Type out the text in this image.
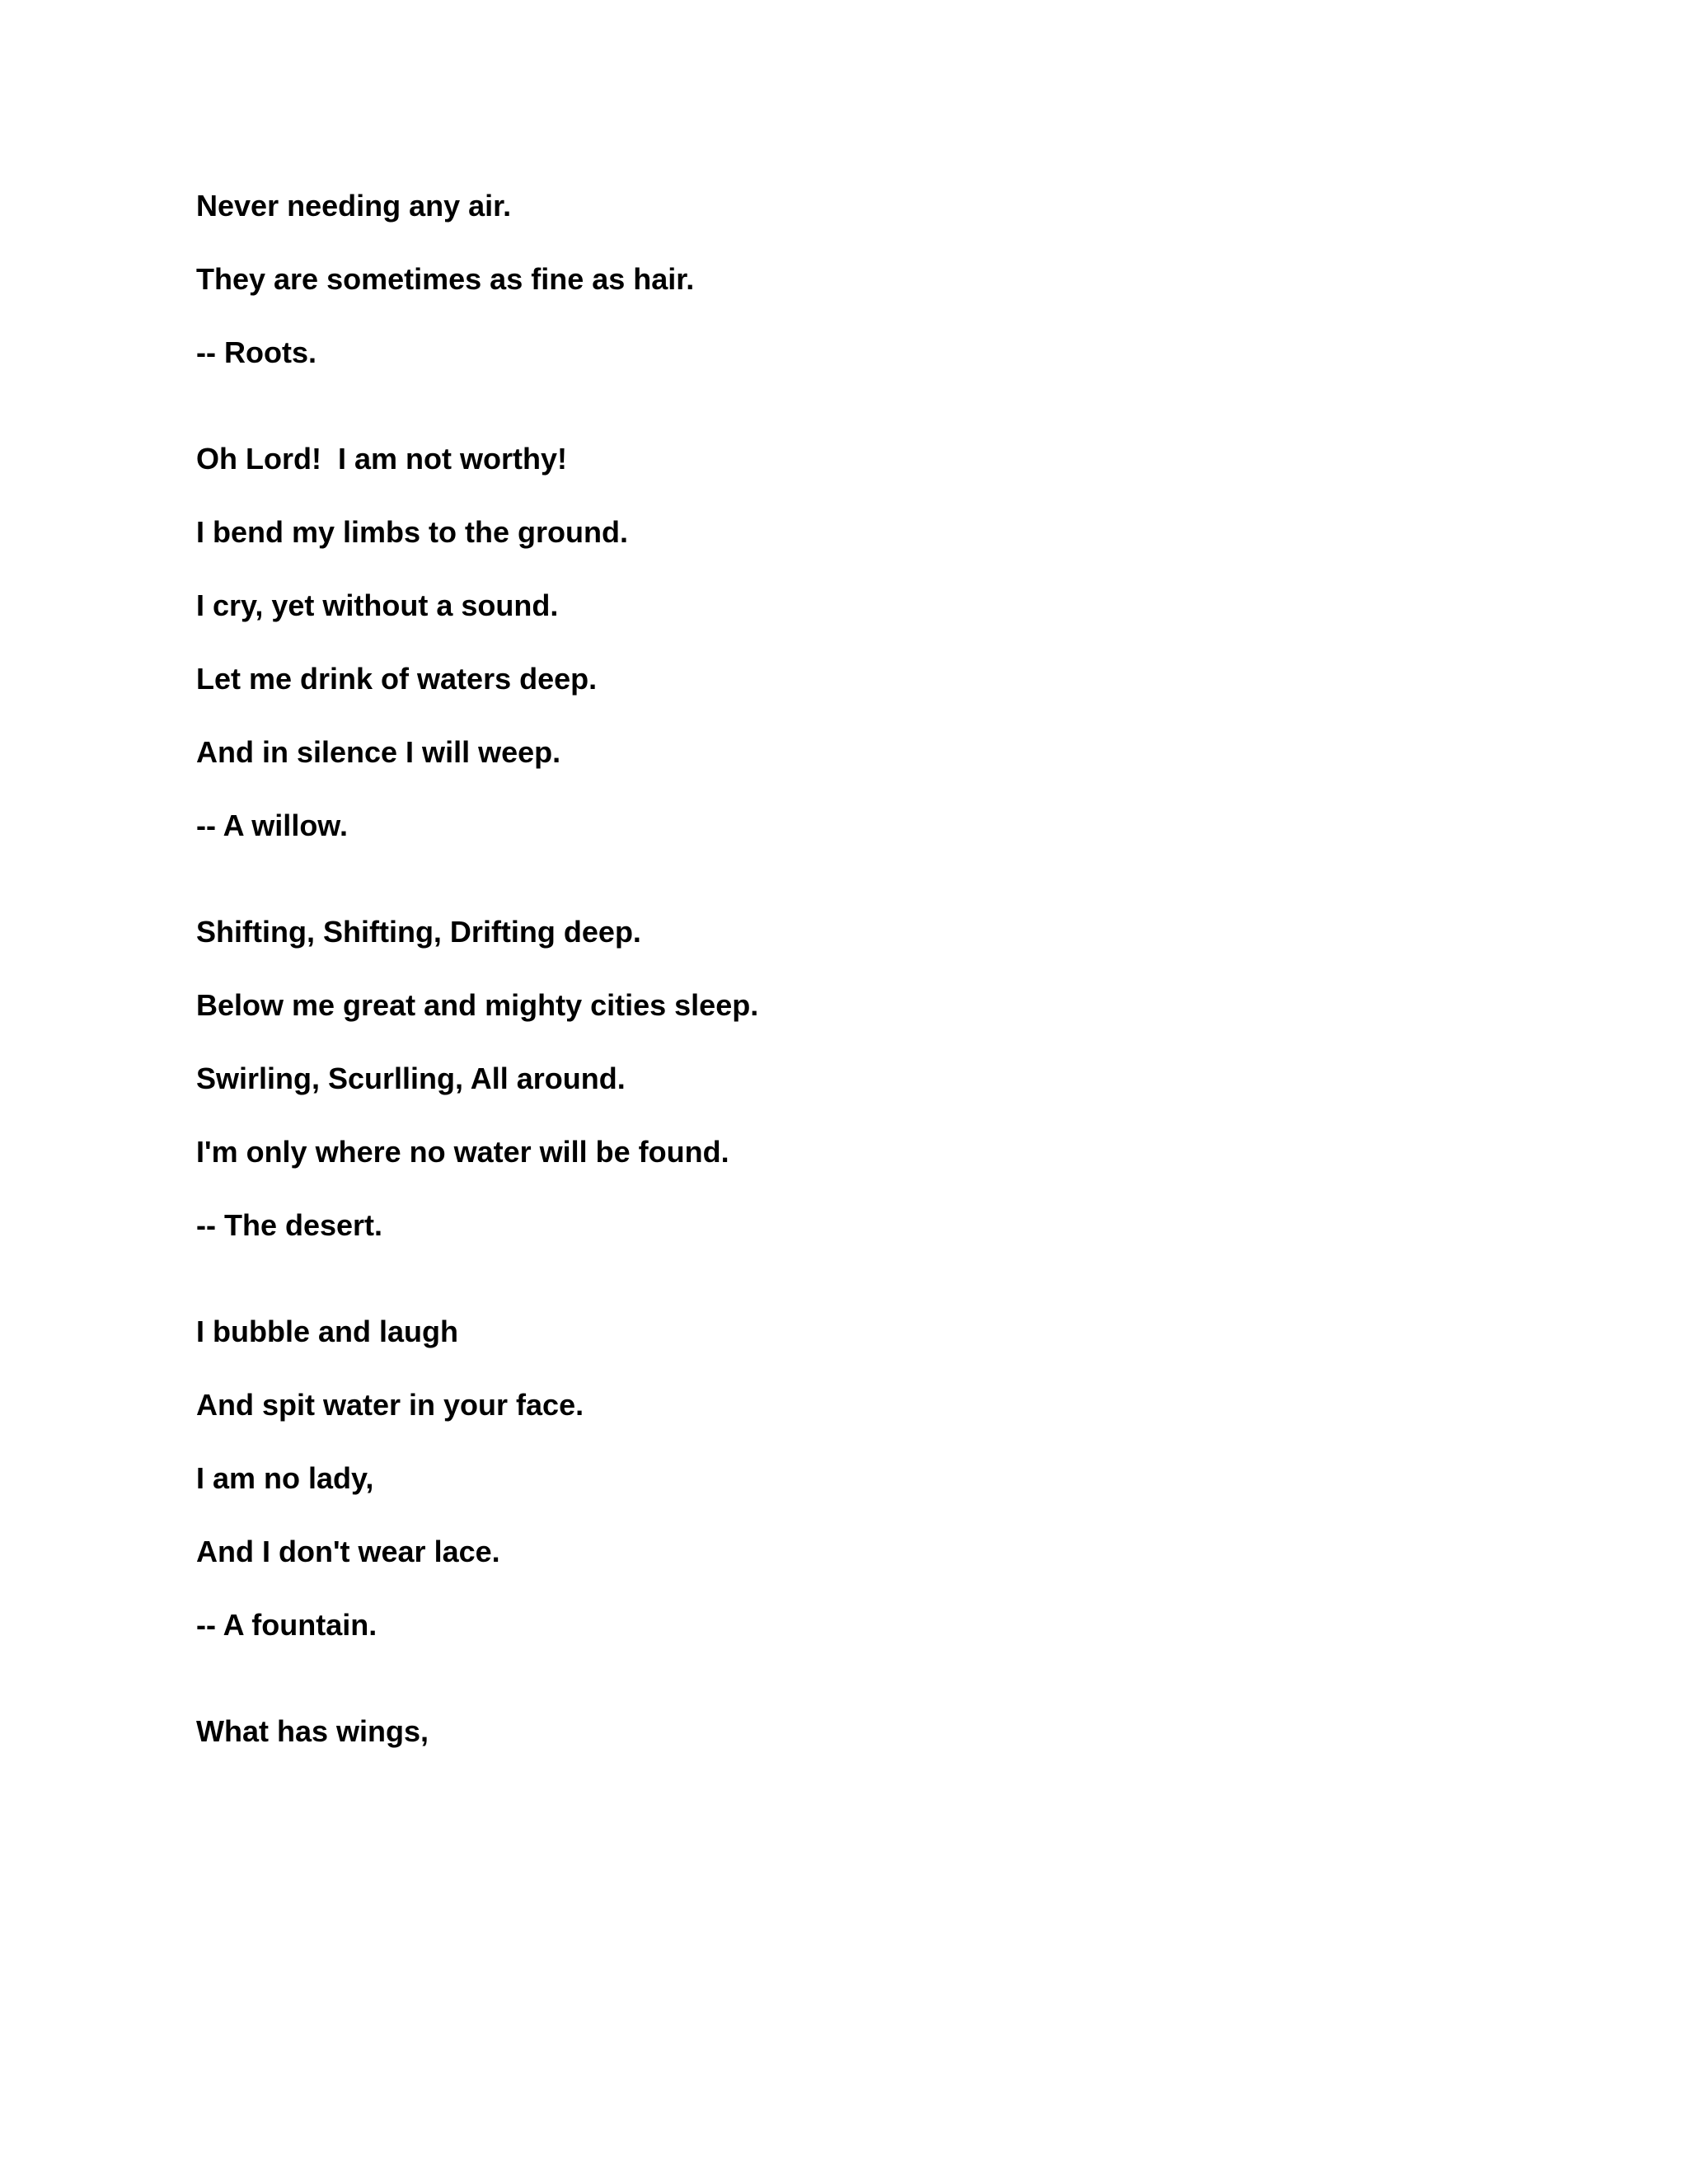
Never needing any air.
They are sometimes as fine as hair.
-- Roots.
Oh Lord!  I am not worthy!
I bend my limbs to the ground.
I cry, yet without a sound.
Let me drink of waters deep.
And in silence I will weep.
-- A willow.
Shifting, Shifting, Drifting deep.
Below me great and mighty cities sleep.
Swirling, Scurlling, All around.
I'm only where no water will be found.
-- The desert.
I bubble and laugh
And spit water in your face.
I am no lady,
And I don't wear lace.
-- A fountain.
What has wings,
